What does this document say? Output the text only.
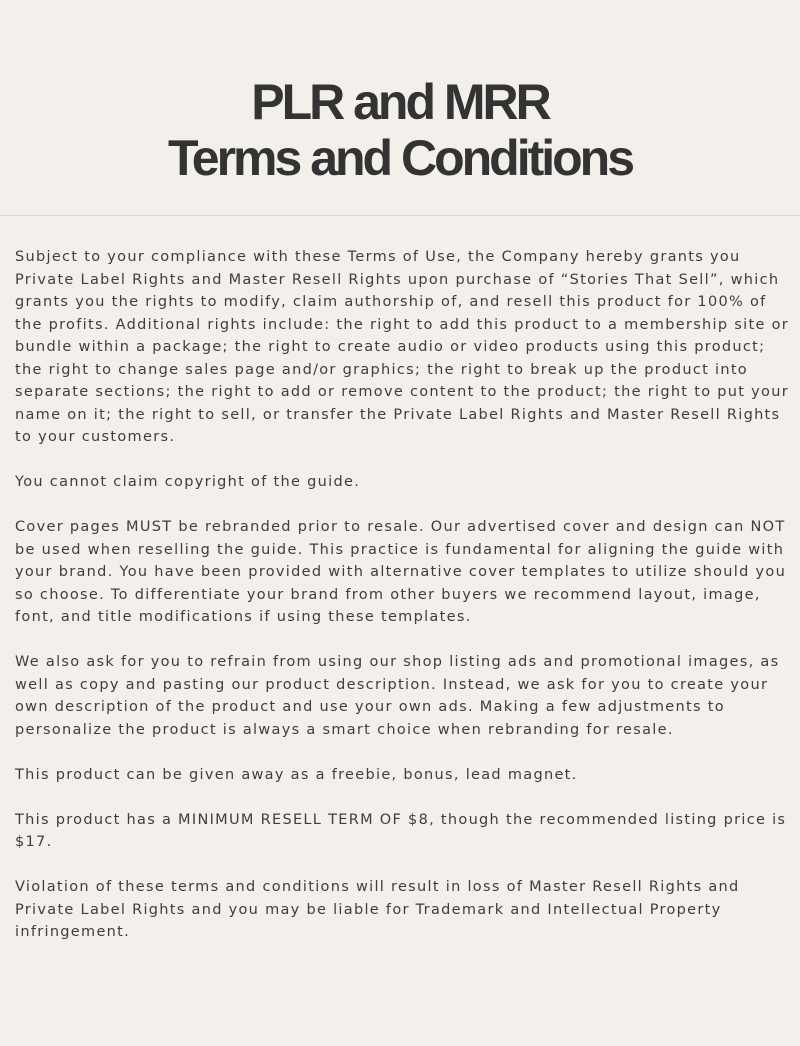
PLR and MRR
Terms and Conditions

Subject to your compliance with these Terms of Use, the Company hereby grants you Private Label Rights and Master Resell Rights upon purchase of “Stories That Sell”, which grants you the rights to modify, claim authorship of, and resell this product for 100% of the profits. Additional rights include: the right to add this product to a membership site or bundle within a package; the right to create audio or video products using this product; the right to change sales page and/or graphics; the right to break up the product into separate sections; the right to add or remove content to the product; the right to put your name on it; the right to sell, or transfer the Private Label Rights and Master Resell Rights to your customers.

You cannot claim copyright of the guide.

Cover pages MUST be rebranded prior to resale. Our advertised cover and design can NOT be used when reselling the guide. This practice is fundamental for aligning the guide with your brand. You have been provided with alternative cover templates to utilize should you so choose. To differentiate your brand from other buyers we recommend layout, image, font, and title modifications if using these templates.

We also ask for you to refrain from using our shop listing ads and promotional images, as well as copy and pasting our product description. Instead, we ask for you to create your own description of the product and use your own ads. Making a few adjustments to personalize the product is always a smart choice when rebranding for resale.

This product can be given away as a freebie, bonus, lead magnet.

This product has a MINIMUM RESELL TERM OF $8, though the recommended listing price is $17.

Violation of these terms and conditions will result in loss of Master Resell Rights and Private Label Rights and you may be liable for Trademark and Intellectual Property infringement.
